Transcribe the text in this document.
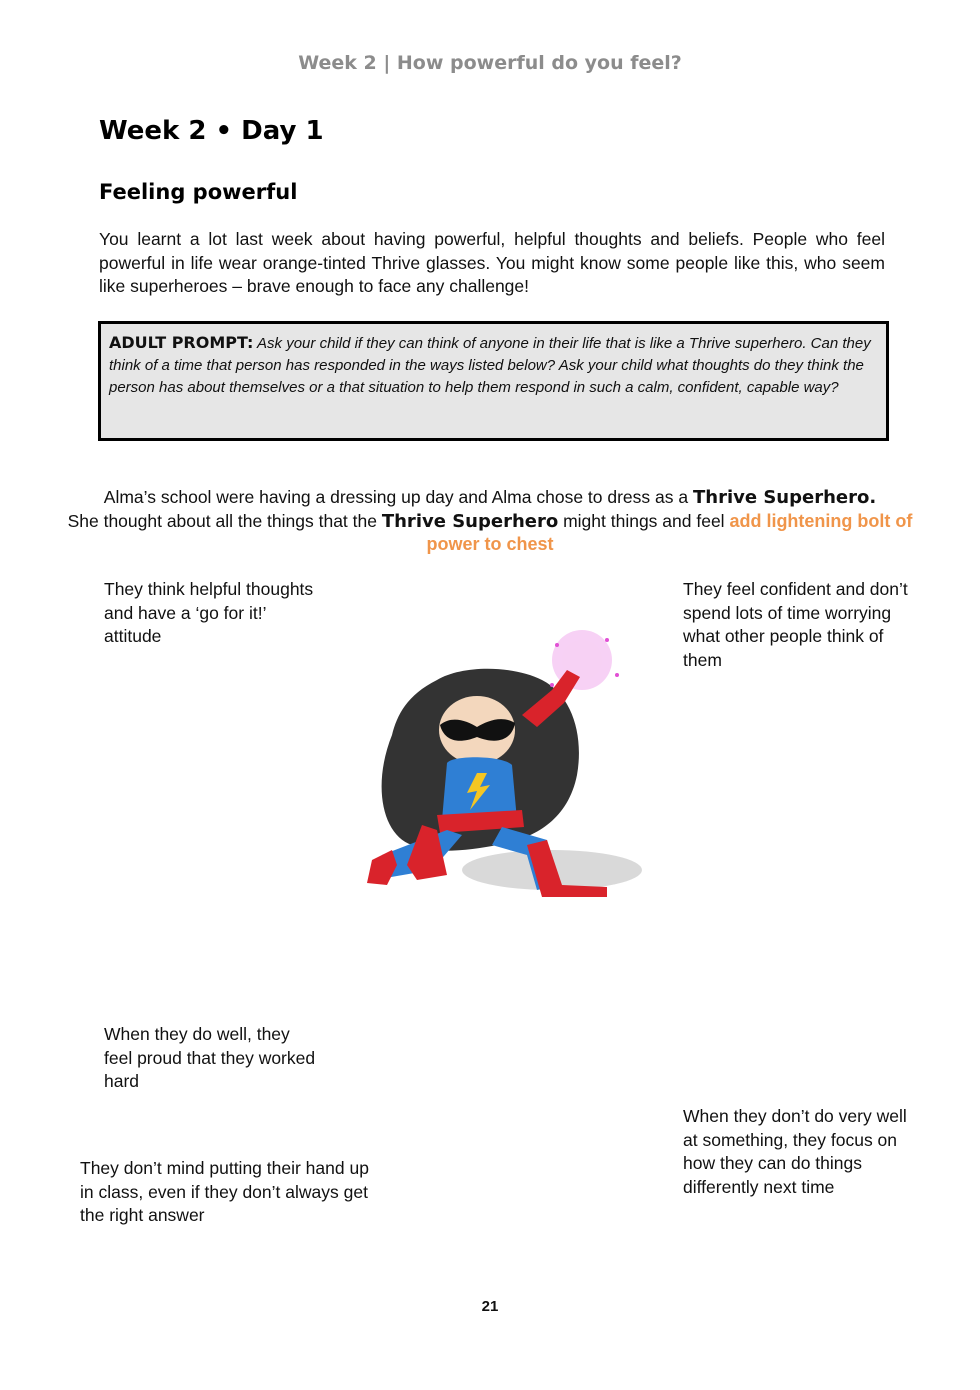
Week 2 | How powerful do you feel?
Week 2 • Day 1
Feeling powerful
You learnt a lot last week about having powerful, helpful thoughts and beliefs. People who feel powerful in life wear orange-tinted Thrive glasses. You might know some people like this, who seem like superheroes – brave enough to face any challenge!
ADULT PROMPT: Ask your child if they can think of anyone in their life that is like a Thrive superhero. Can they think of a time that person has responded in the ways listed below? Ask your child what thoughts do they think the person has about themselves or a that situation to help them respond in such a calm, confident, capable way?
Alma’s school were having a dressing up day and Alma chose to dress as a Thrive Superhero.
She thought about all the things that the Thrive Superhero might things and feel add lightening bolt of power to chest
They think helpful thoughts and have a ‘go for it!’ attitude
They feel confident and don’t spend lots of time worrying what other people think of them
When they do well, they feel proud that they worked hard
When they don’t do very well at something, they focus on how they can do things differently next time
They don’t mind putting their hand up in class, even if they don’t always get the right answer
21
